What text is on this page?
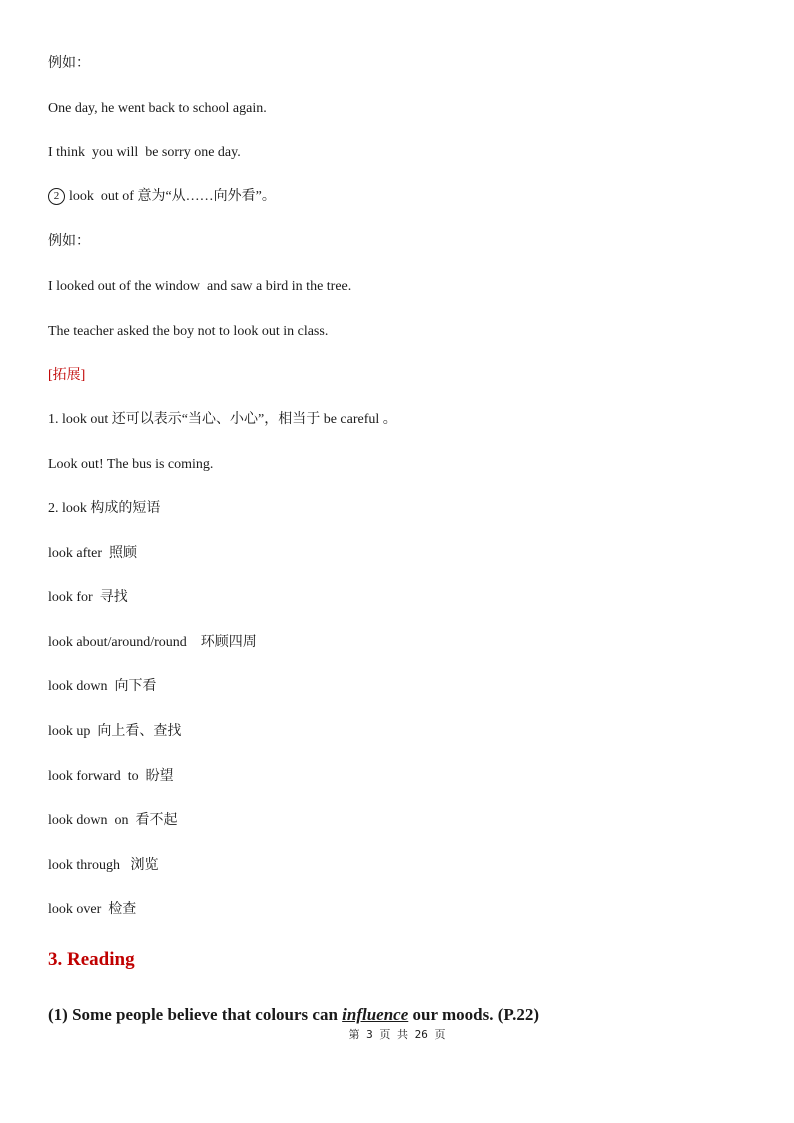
例如：
One day, he went back to school again.
I think  you will  be sorry one day.
2 look  out of 意为“从……向外看”。
例如：
I looked out of the window  and saw a bird in the tree.
The teacher asked the boy not to look out in class.
[拓展]
1. look out 还可以表示“当心、小心”，相当于 be careful 。
Look out! The bus is coming.
2. look 构成的短语
look after  照顾
look for  寻找
look about/around/round    环顾四周
look down  向下看
look up  向上看、查找
look forward  to  盼望
look down  on  看不起
look through   浏览
look over  检查
3. Reading
(1) Some people believe that colours can influence our moods. (P.22)
第 3 页 共 26 页
